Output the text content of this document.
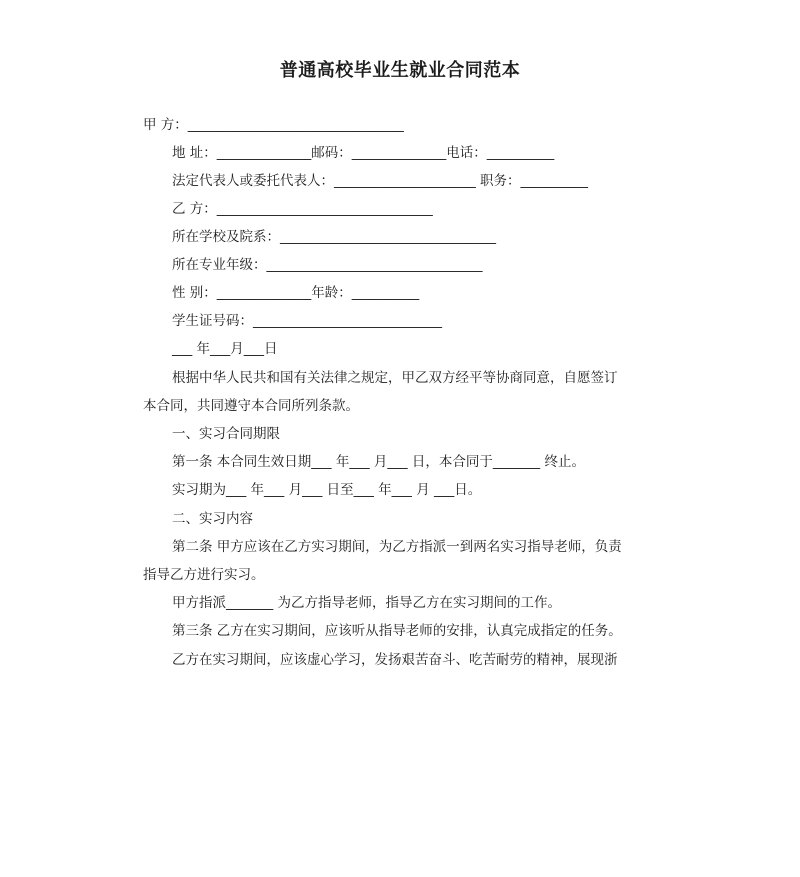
普通高校毕业生就业合同范本
甲 方：________________________________
地 址：______________邮码：______________电话：__________
法定代表人或委托代表人：_____________________ 职务：__________
乙 方：________________________________
所在学校及院系：________________________________
所在专业年级：________________________________
性 别：______________年龄：__________
学生证号码：____________________________
___ 年___月___日
根据中华人民共和国有关法律之规定，甲乙双方经平等协商同意，自愿签订
本合同，共同遵守本合同所列条款。
一、实习合同期限
第一条 本合同生效日期___ 年___ 月___ 日，本合同于_______ 终止。
实习期为___ 年___ 月___ 日至___ 年___ 月 ___日。
二、实习内容
第二条 甲方应该在乙方实习期间，为乙方指派一到两名实习指导老师，负责
指导乙方进行实习。
甲方指派_______ 为乙方指导老师，指导乙方在实习期间的工作。
第三条 乙方在实习期间，应该听从指导老师的安排，认真完成指定的任务。
乙方在实习期间，应该虚心学习，发扬艰苦奋斗、吃苦耐劳的精神，展现浙
